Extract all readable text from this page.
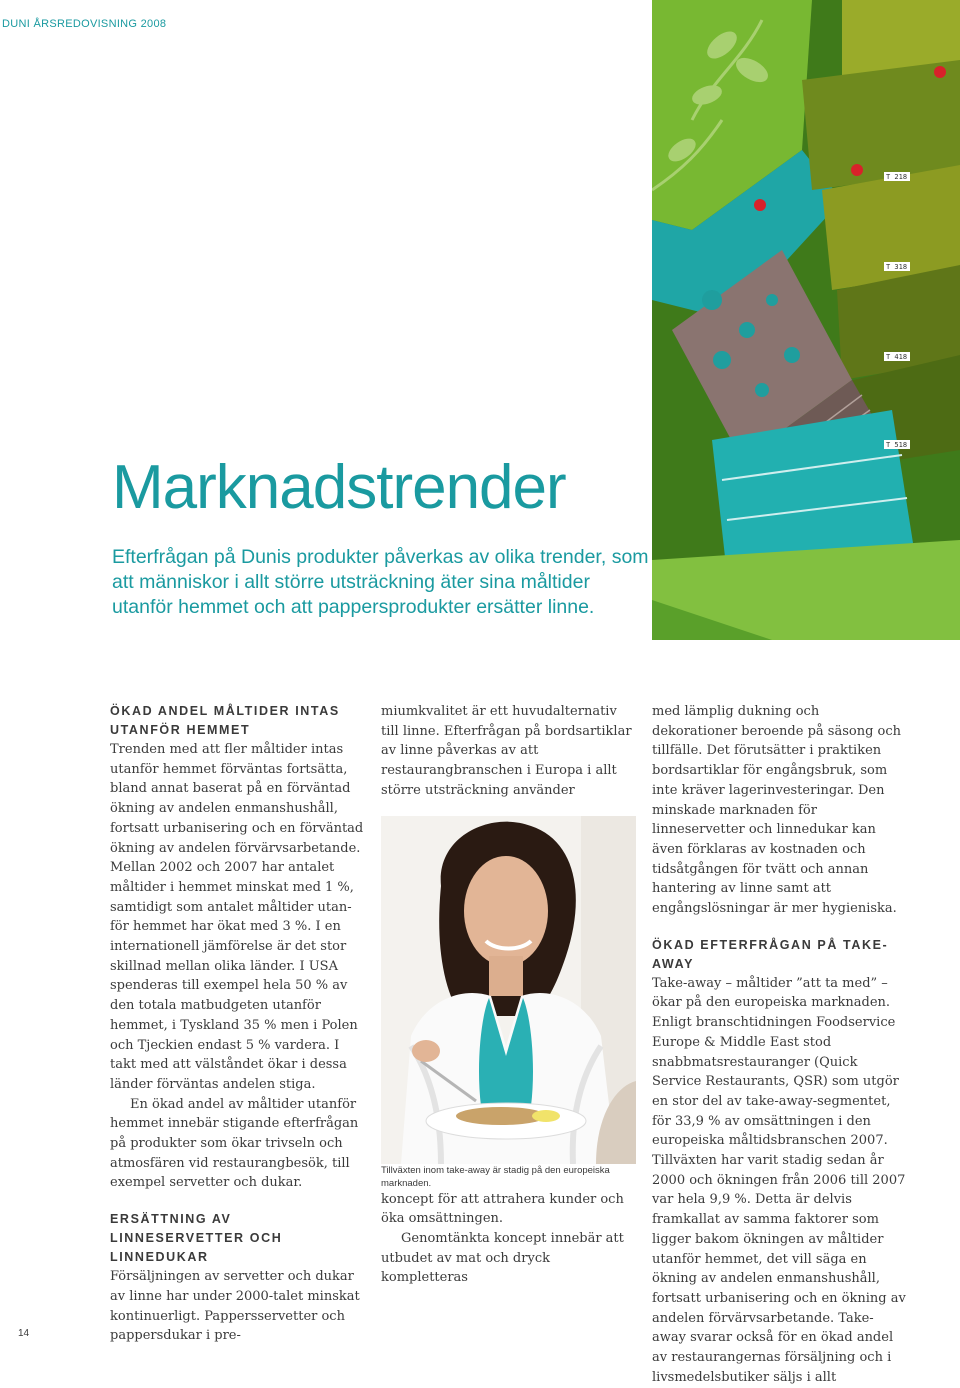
DUNI ÅRSREDOVISNING 2008
T 218
T 318
T 418
T 518
Marknadstrender

Efterfrågan på Dunis produkter påverkas av olika trender, som att människor i allt större utsträckning äter sina måltider utanför hemmet och att pappersprodukter ersätter linne.

ÖKAD ANDEL MÅLTIDER INTAS UTANFÖR HEMMET

Trenden med att fler måltider intas utanför hemmet förväntas fortsätta, bland annat baserat på en förväntad ökning av andelen enmanshushåll, fortsatt urbanisering och en förväntad ökning av andelen förvärvsarbetande. Mellan 2002 och 2007 har antalet måltider i hemmet minskat med 1 %, samtidigt som antalet måltider utanför hemmet har ökat med 3 %. I en internationell jämförelse är det stor skillnad mellan olika länder. I USA spenderas till exempel hela 50 % av den totala matbudgeten utanför hemmet, i Tyskland 35 % men i Polen och Tjeckien endast 5 % vardera. I takt med att välståndet ökar i dessa länder förväntas andelen stiga.

En ökad andel av måltider utanför hemmet innebär stigande efterfrågan på produkter som ökar trivseln och atmosfären vid restaurangbesök, till exempel servetter och dukar.

ERSÄTTNING AV LINNESERVETTER OCH LINNEDUKAR

Försäljningen av servetter och dukar av linne har under 2000-talet minskat kontinuerligt. Pappersservetter och pappersdukar i pre-

miumkvalitet är ett huvudalternativ till linne. Efterfrågan på bordsartiklar av linne påverkas av att restaurangbranschen i Europa i allt större utsträckning använder

Tillväxten inom take-away är stadig på den europeiska marknaden.

koncept för att attrahera kunder och öka omsättningen.

Genomtänkta koncept innebär att utbudet av mat och dryck kompletteras

med lämplig dukning och dekorationer beroende på säsong och tillfälle. Det förutsätter i praktiken bordsartiklar för engångsbruk, som inte kräver lagerinvesteringar. Den minskade marknaden för linneservetter och linnedukar kan även förklaras av kostnaden och tidsåtgången för tvätt och annan hantering av linne samt att engångslösningar är mer hygieniska.

ÖKAD EFTERFRÅGAN PÅ TAKE-AWAY

Take-away – måltider ”att ta med” – ökar på den europeiska marknaden. Enligt branschtidningen Foodservice Europe & Middle East stod snabbmatsrestauranger (Quick Service Restaurants, QSR) som utgör en stor del av take-away-segmentet, för 33,9 % av omsättningen i den europeiska måltidsbranschen 2007. Tillväxten har varit stadig sedan år 2000 och ökningen från 2006 till 2007 var hela 9,9 %. Detta är delvis framkallat av samma faktorer som ligger bakom ökningen av måltider utanför hemmet, det vill säga en ökning av andelen enmanshushåll, fortsatt urbanisering och en ökning av andelen förvärvsarbetande. Take-away svarar också för en ökad andel av restaurangernas försäljning och i livsmedelsbutiker säljs i allt

14
